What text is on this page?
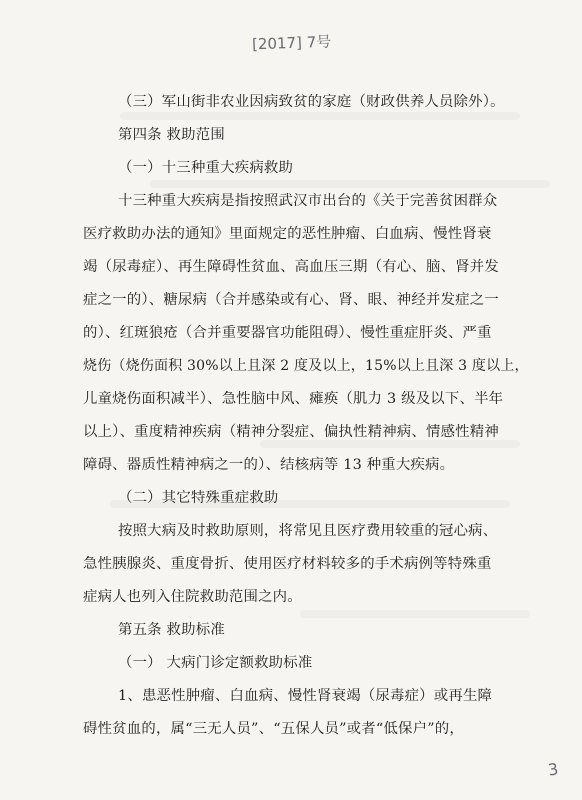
[2017] 7号
（三）军山街非农业因病致贫的家庭（财政供养人员除外）。
第四条 救助范围
（一）十三种重大疾病救助
十三种重大疾病是指按照武汉市出台的《关于完善贫困群众
医疗救助办法的通知》里面规定的恶性肿瘤、白血病、慢性肾衰
竭（尿毒症）、再生障碍性贫血、高血压三期（有心、脑、肾并发
症之一的）、糖尿病（合并感染或有心、肾、眼、神经并发症之一
的）、红斑狼疮（合并重要器官功能阻碍）、慢性重症肝炎、严重
烧伤（烧伤面积 30%以上且深 2 度及以上，15%以上且深 3 度以上，
儿童烧伤面积减半）、急性脑中风、瘫痪（肌力 3 级及以下、半年
以上）、重度精神疾病（精神分裂症、偏执性精神病、情感性精神
障碍、器质性精神病之一的）、结核病等 13 种重大疾病。
（二）其它特殊重症救助
按照大病及时救助原则，将常见且医疗费用较重的冠心病、
急性胰腺炎、重度骨折、使用医疗材料较多的手术病例等特殊重
症病人也列入住院救助范围之内。
第五条 救助标准
（一） 大病门诊定额救助标准
1、患恶性肿瘤、白血病、慢性肾衰竭（尿毒症）或再生障
碍性贫血的，属“三无人员”、“五保人员”或者“低保户”的，
3
